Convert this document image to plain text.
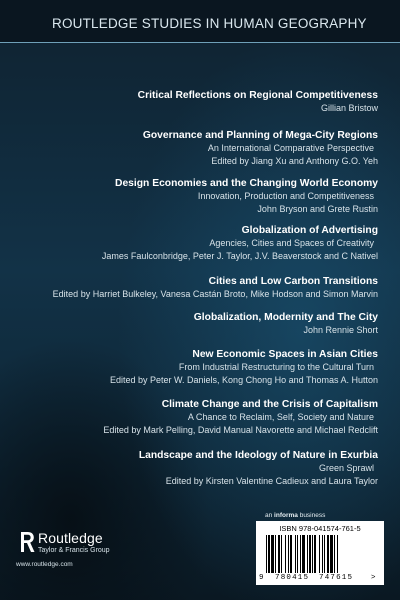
ROUTLEDGE STUDIES IN HUMAN GEOGRAPHY
Critical Reflections on Regional Competitiveness
Gillian Bristow
Governance and Planning of Mega-City Regions
An International Comparative Perspective
Edited by Jiang Xu and Anthony G.O. Yeh
Design Economies and the Changing World Economy
Innovation, Production and Competitiveness
John Bryson and Grete Rustin
Globalization of Advertising
Agencies, Cities and Spaces of Creativity
James Faulconbridge, Peter J. Taylor, J.V. Beaverstock and C Nativel
Cities and Low Carbon Transitions
Edited by Harriet Bulkeley, Vanesa Castán Broto, Mike Hodson and Simon Marvin
Globalization, Modernity and The City
John Rennie Short
New Economic Spaces in Asian Cities
From Industrial Restructuring to the Cultural Turn
Edited by Peter W. Daniels, Kong Chong Ho and Thomas A. Hutton
Climate Change and the Crisis of Capitalism
A Chance to Reclaim, Self, Society and Nature
Edited by Mark Pelling, David Manual Navorette and Michael Redclift
Landscape and the Ideology of Nature in Exurbia
Green Sprawl
Edited by Kirsten Valentine Cadieux and Laura Taylor
Routledge
Taylor & Francis Group
www.routledge.com
an informa business
ISBN 978-041574-761-5
9 780415 747615 >
